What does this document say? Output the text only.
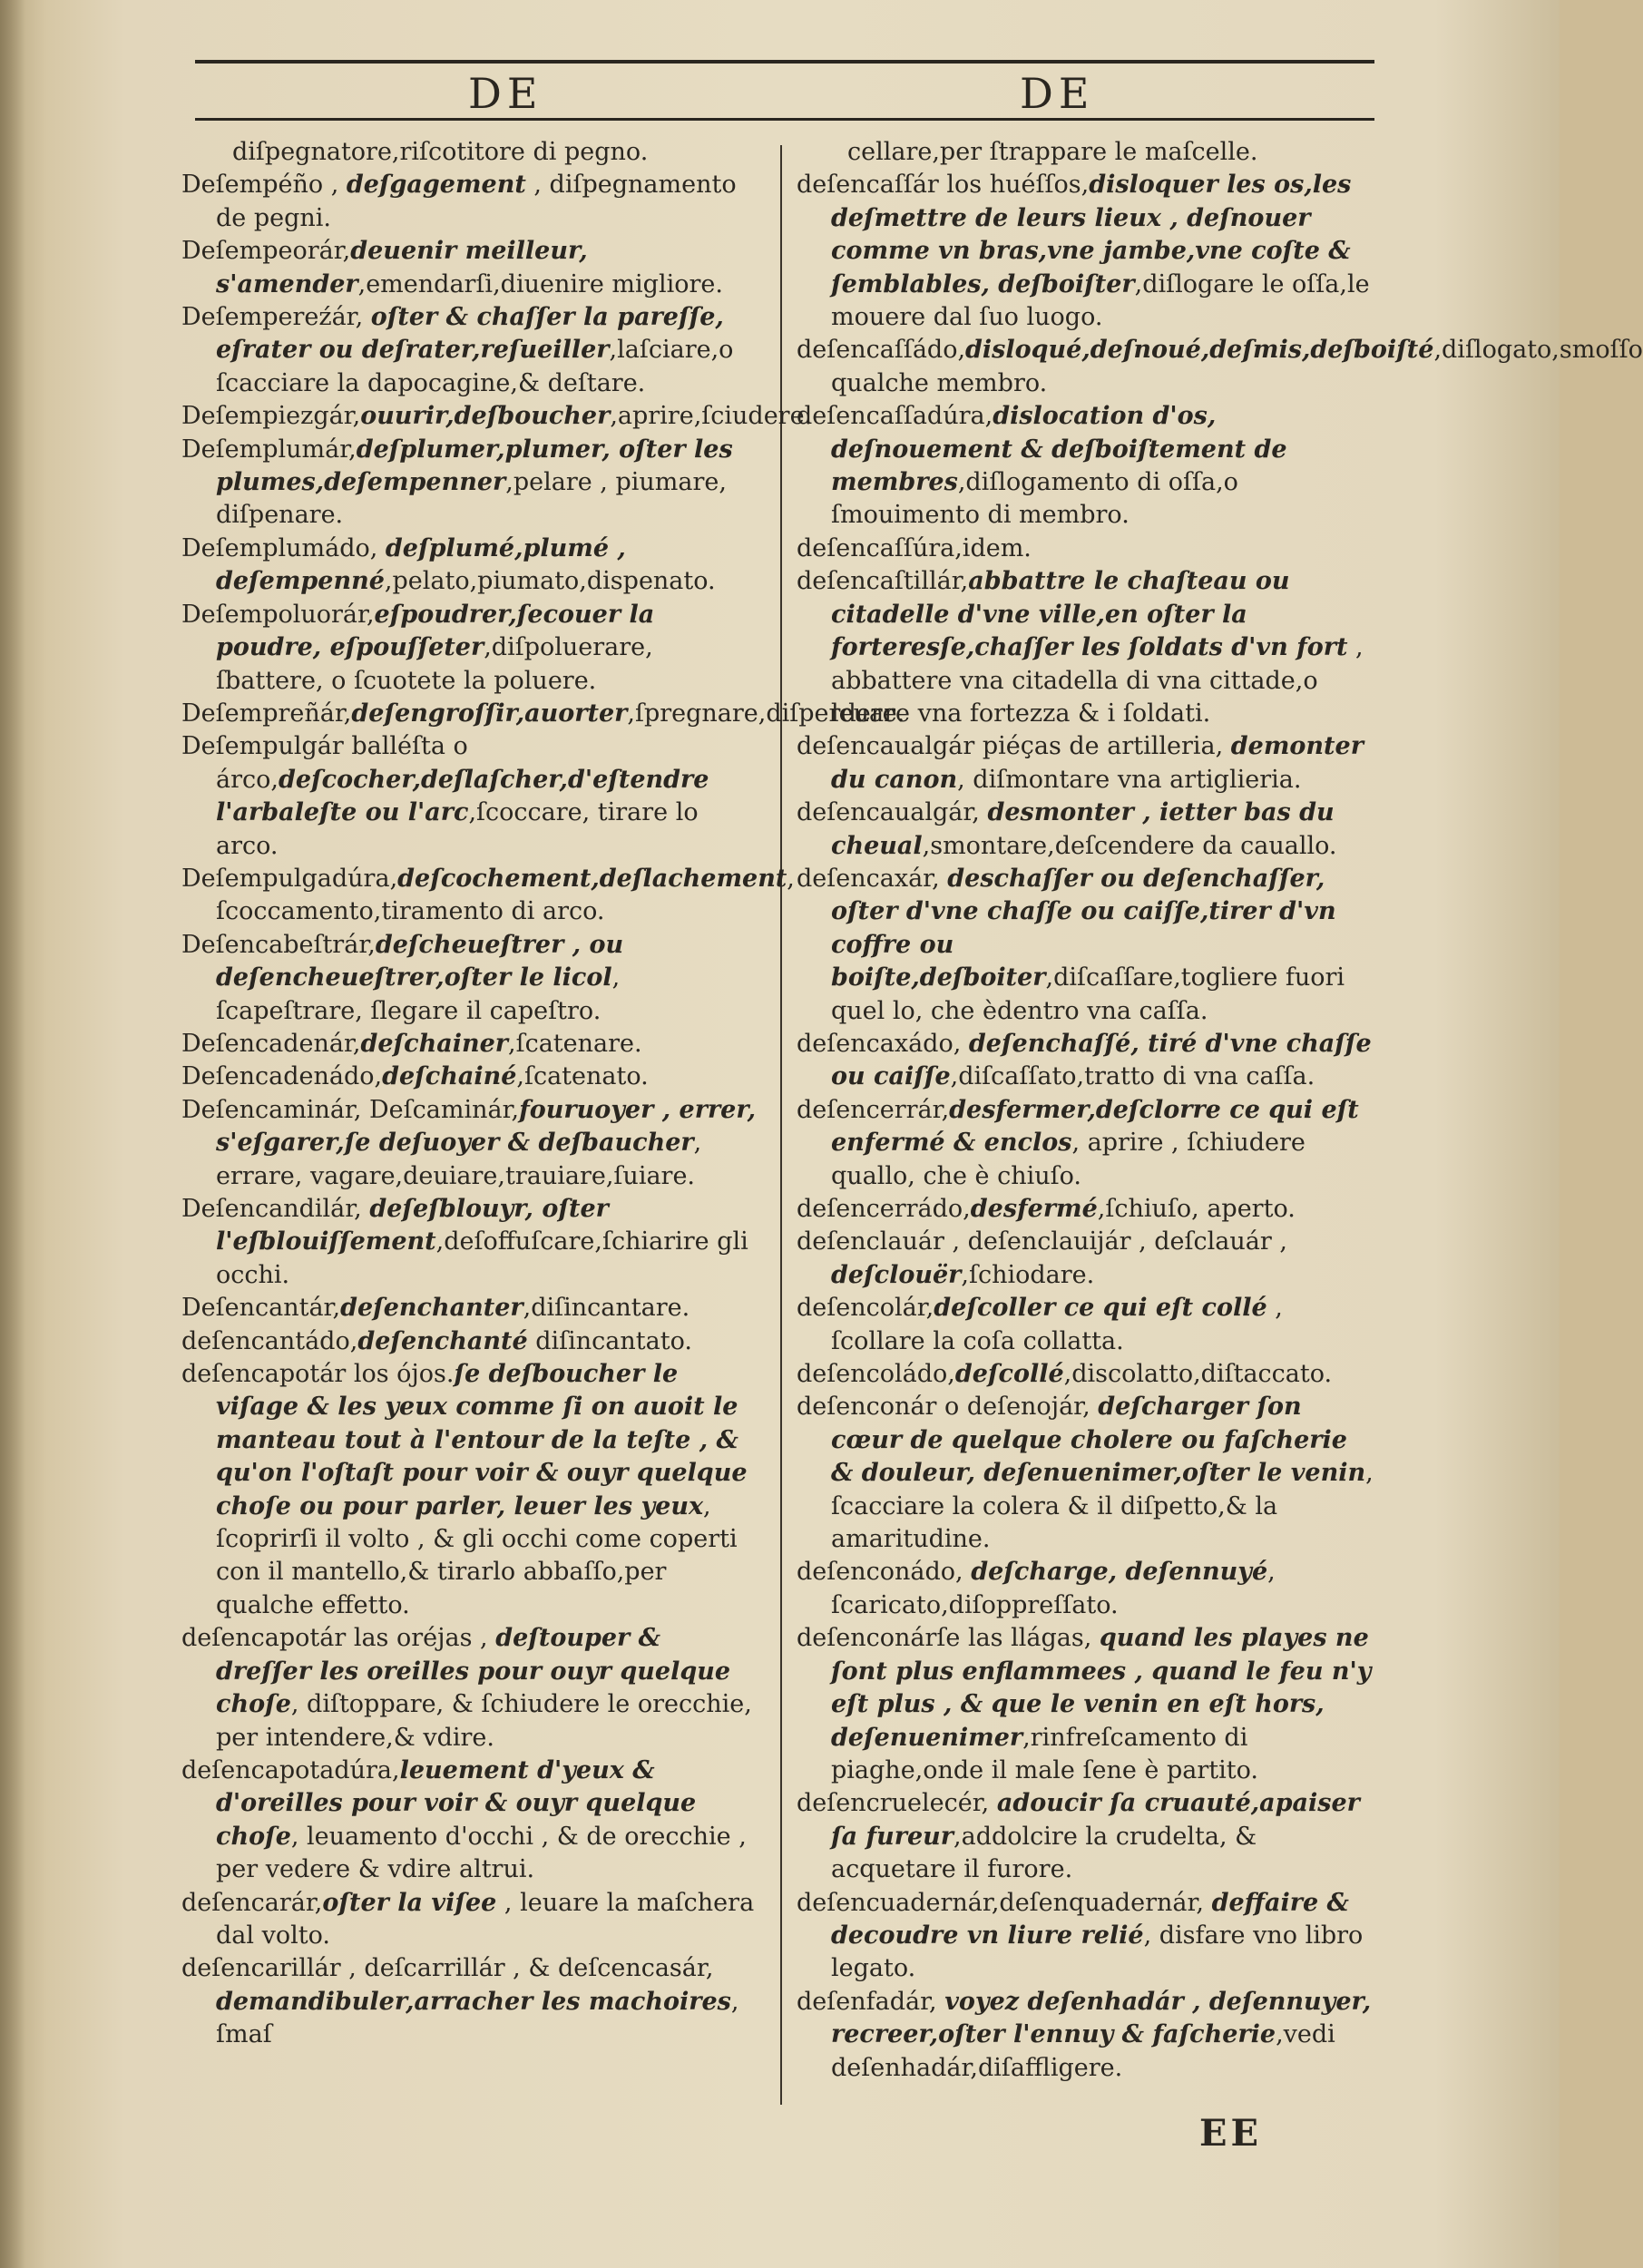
DE	DE

diſpegnatore,riſcotitore di pegno.

Deſempéño , deſgagement , diſpegnamento de pegni.

Deſempeorár,deuenir meilleur, s'amender,emendarſi,diuenire migliore.

Deſempereźár, oſter & chaſſer la pareſſe, eſrater ou deſrater,reſueiller,laſciare,o ſcacciare la dapocagine,& deſtare.

Deſempiezgár,ouurir,deſboucher,aprire,ſciudere.

Deſemplumár,deſplumer,plumer, oſter les plumes,deſempenner,pelare , piumare, diſpenare.

Deſemplumádo, deſplumé,plumé , deſempenné,pelato,piumato,dispenato.

Deſempoluorár,eſpoudrer,ſecouer la poudre, eſpouſſeter,diſpoluerare, ſbattere, o ſcuotete la poluere.

Deſempreñár,deſengroſſir,auorter,ſpregnare,diſperdere.

Deſempulgár balléſta o árco,deſcocher,deſlaſcher,d'eſtendre l'arbaleſte ou l'arc,ſcoccare, tirare lo arco.

Deſempulgadúra,deſcochement,deſlachement, ſcoccamento,tiramento di arco.

Deſencabeſtrár,deſcheueſtrer , ou deſencheueſtrer,oſter le licol, ſcapeſtrare, ſlegare il capeſtro.

Deſencadenár,deſchainer,ſcatenare.

Deſencadenádo,deſchainé,ſcatenato.

Deſencaminár, Deſcaminár,fouruoyer , errer, s'eſgarer,ſe deſuoyer & deſbaucher, errare, vagare,deuiare,trauiare,ſuiare.

Deſencandilár, deſeſblouyr, oſter l'eſblouiſſement,deſoffuſcare,ſchiarire gli occhi.

Deſencantár,deſenchanter,diſincantare.

deſencantádo,deſenchanté diſincantato.

deſencapotár los ójos.ſe deſboucher le viſage & les yeux comme ſi on auoit le manteau tout à l'entour de la teſte , & qu'on l'oſtaſt pour voir & ouyr quelque choſe ou pour parler, leuer les yeux, ſcoprirſi il volto , & gli occhi come coperti con il mantello,& tirarlo abbaſſo,per qualche effetto.

deſencapotár las oréjas , deſtouper & dreſſer les oreilles pour ouyr quelque choſe, diſtoppare, & ſchiudere le orecchie, per intendere,& vdire.

deſencapotadúra,leuement d'yeux & d'oreilles pour voir & ouyr quelque choſe, leuamento d'occhi , & de orecchie , per vedere & vdire altrui.

deſencarár,oſter la viſee , leuare la maſchera dal volto.

deſencarillár , deſcarrillár , & deſcencasár, demandibuler,arracher les machoires, ſmaſ

cellare,per ſtrappare le maſcelle.

deſencaſſár los huéſſos,disloquer les os,les deſmettre de leurs lieux , deſnouer comme vn bras,vne jambe,vne coſte & ſemblables, deſboiſter,diſlogare le oſſa,le mouere dal ſuo luogo.

deſencaſſádo,disloqué,deſnoué,deſmis,deſboiſté,diſlogato,smoſſo qualche membro.

deſencaſſadúra,dislocation d'os, deſnouement & deſboiſtement de membres,diſlogamento di oſſa,o ſmouimento di membro.

deſencaſſúra,idem.

deſencaſtillár,abbattre le chaſteau ou citadelle d'vne ville,en oſter la forteresſe,chaſſer les ſoldats d'vn fort , abbattere vna citadella di vna cittade,o leuare vna fortezza & i ſoldati.

deſencaualgár piéças de artilleria, demonter du canon, diſmontare vna artiglieria.

deſencaualgár, desmonter , ietter bas du cheual,smontare,deſcendere da cauallo.

deſencaxár, deschaſſer ou deſenchaſſer, oſter d'vne chaſſe ou caiſſe,tirer d'vn coffre ou boiſte,deſboiter,diſcaſſare,togliere fuori quel lo, che èdentro vna caſſa.

deſencaxádo, deſenchaſſé, tiré d'vne chaſſe ou caiſſe,diſcaſſato,tratto di vna caſſa.

deſencerrár,desfermer,deſclorre ce qui eſt enfermé & enclos, aprire , ſchiudere quallo, che è chiuſo.

deſencerrádo,desfermé,ſchiuſo, aperto.

deſenclauár , deſenclauijár , deſclauár , deſclouër,ſchiodare.

deſencolár,deſcoller ce qui eſt collé , ſcollare la coſa collatta.

deſencoládo,deſcollé,discolatto,diſtaccato.

deſenconár o deſenojár, deſcharger ſon cœur de quelque cholere ou faſcherie & douleur, deſenuenimer,oſter le venin, ſcacciare la colera & il diſpetto,& la amaritudine.

deſenconádo, deſcharge, deſennuyé, ſcaricato,diſoppreſſato.

deſenconárſe las llágas, quand les playes ne ſont plus enflammees , quand le feu n'y eſt plus , & que le venin en eſt hors, deſenuenimer,rinfreſcamento di piaghe,onde il male ſene è partito.

deſencruelecér, adoucir ſa cruauté,apaiser ſa fureur,addolcire la crudelta, & acquetare il furore.

deſencuadernár,deſenquadernár, deffaire & decoudre vn liure relié, disfare vno libro legato.

deſenfadár, voyez deſenhadár , deſennuyer, recreer,oſter l'ennuy & faſcherie,vedi deſenhadár,diſaffligere.

EE
